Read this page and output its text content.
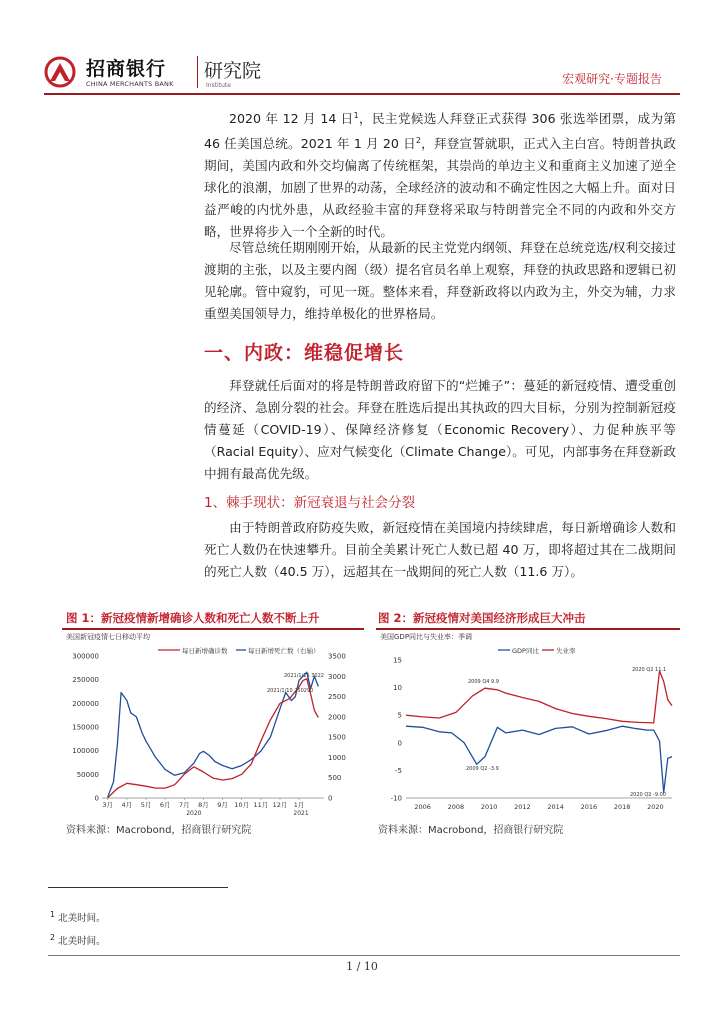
招商银行
CHINA MERCHANTS BANK
研究院
Institute	宏观研究·专题报告
2020 年 12 月 14 日$^1$，民主党候选人拜登正式获得 306 张选举团票，成为第 46 任美国总统。2021 年 1 月 20 日$^2$，拜登宣誓就职，正式入主白宫。特朗普执政期间，美国内政和外交均偏离了传统框架，其崇尚的单边主义和重商主义加速了逆全球化的浪潮，加剧了世界的动荡，全球经济的波动和不确定性因之大幅上升。面对日益严峻的内忧外患，从政经验丰富的拜登将采取与特朗普完全不同的内政和外交方略，世界将步入一个全新的时代。
尽管总统任期刚刚开始，从最新的民主党党内纲领、拜登在总统竞选/权利交接过渡期的主张，以及主要内阁（级）提名官员名单上观察，拜登的执政思路和逻辑已初见轮廓。管中窥豹，可见一斑。整体来看，拜登新政将以内政为主，外交为辅，力求重塑美国领导力，维持单极化的世界格局。
一、内政：维稳促增长
拜登就任后面对的将是特朗普政府留下的“烂摊子”：蔓延的新冠疫情、遭受重创的经济、急剧分裂的社会。拜登在胜选后提出其执政的四大目标，分别为控制新冠疫情蔓延（COVID-19）、保障经济修复（Economic Recovery）、力促种族平等（Racial Equity）、应对气候变化（Climate Change）。可见，内部事务在拜登新政中拥有最高优先级。
1、棘手现状：新冠衰退与社会分裂
由于特朗普政府防疫失败，新冠疫情在美国境内持续肆虐，每日新增确诊人数和死亡人数仍在快速攀升。目前全美累计死亡人数已超 40 万，即将超过其在二战期间的死亡人数（40.5 万），远超其在一战期间的死亡人数（11.6 万）。
图 1：新冠疫情新增确诊人数和死亡人数不断上升	图 2：新冠疫情对美国经济形成巨大冲击
美国新冠疫情七日移动平均
每日新增确诊数	每日新增死亡数（右轴）
0
50000
100000
150000
200000
250000
300000
0
500
1000
1500
2000
2500
3000
3500
3月 4月 5月 6月 7月 8月 9月 10月 11月 12月 1月
2020	2021
2021/1/15 3022
2021/1/10 250290
美国GDP同比与失业率：季调
GDP同比	失业率
-10
-5
0
5
10
15
2006	2008	2010	2012	2014	2016	2018	2020
2020 Q2 11.1
2009 Q4 9.9
2009 Q2 -3.9
2020 Q2 -9.00
资料来源：Macrobond，招商银行研究院	资料来源：Macrobond，招商银行研究院
$^1$ 北美时间。
$^2$ 北美时间。
1 / 10
